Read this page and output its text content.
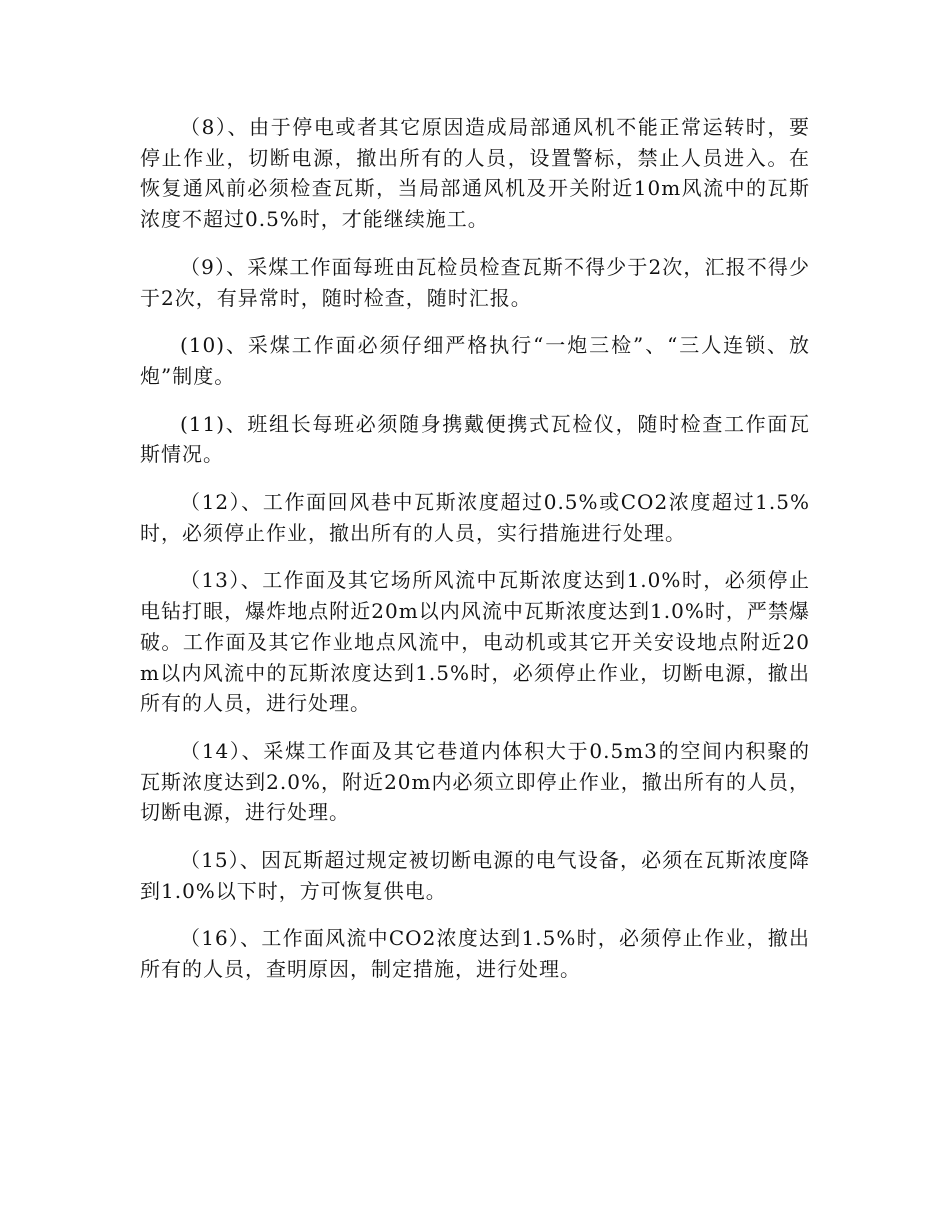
（8）、由于停电或者其它原因造成局部通风机不能正常运转时，要停止作业，切断电源，撤出所有的人员，设置警标，禁止人员进入。在恢复通风前必须检查瓦斯，当局部通风机及开关附近10m风流中的瓦斯浓度不超过0.5%时，才能继续施工。

（9）、采煤工作面每班由瓦检员检查瓦斯不得少于2次，汇报不得少于2次，有异常时，随时检查，随时汇报。

(10)、采煤工作面必须仔细严格执行“一炮三检”、“三人连锁、放炮”制度。

(11)、班组长每班必须随身携戴便携式瓦检仪，随时检查工作面瓦斯情况。

（12）、工作面回风巷中瓦斯浓度超过0.5%或CO2浓度超过1.5%时，必须停止作业，撤出所有的人员，实行措施进行处理。

（13）、工作面及其它场所风流中瓦斯浓度达到1.0%时，必须停止电钻打眼，爆炸地点附近20m以内风流中瓦斯浓度达到1.0%时，严禁爆破。工作面及其它作业地点风流中，电动机或其它开关安设地点附近20m以内风流中的瓦斯浓度达到1.5%时，必须停止作业，切断电源，撤出所有的人员，进行处理。

（14）、采煤工作面及其它巷道内体积大于0.5m3的空间内积聚的瓦斯浓度达到2.0%，附近20m内必须立即停止作业，撤出所有的人员，切断电源，进行处理。

（15）、因瓦斯超过规定被切断电源的电气设备，必须在瓦斯浓度降到1.0%以下时，方可恢复供电。

（16）、工作面风流中CO2浓度达到1.5%时，必须停止作业，撤出所有的人员，查明原因，制定措施，进行处理。
